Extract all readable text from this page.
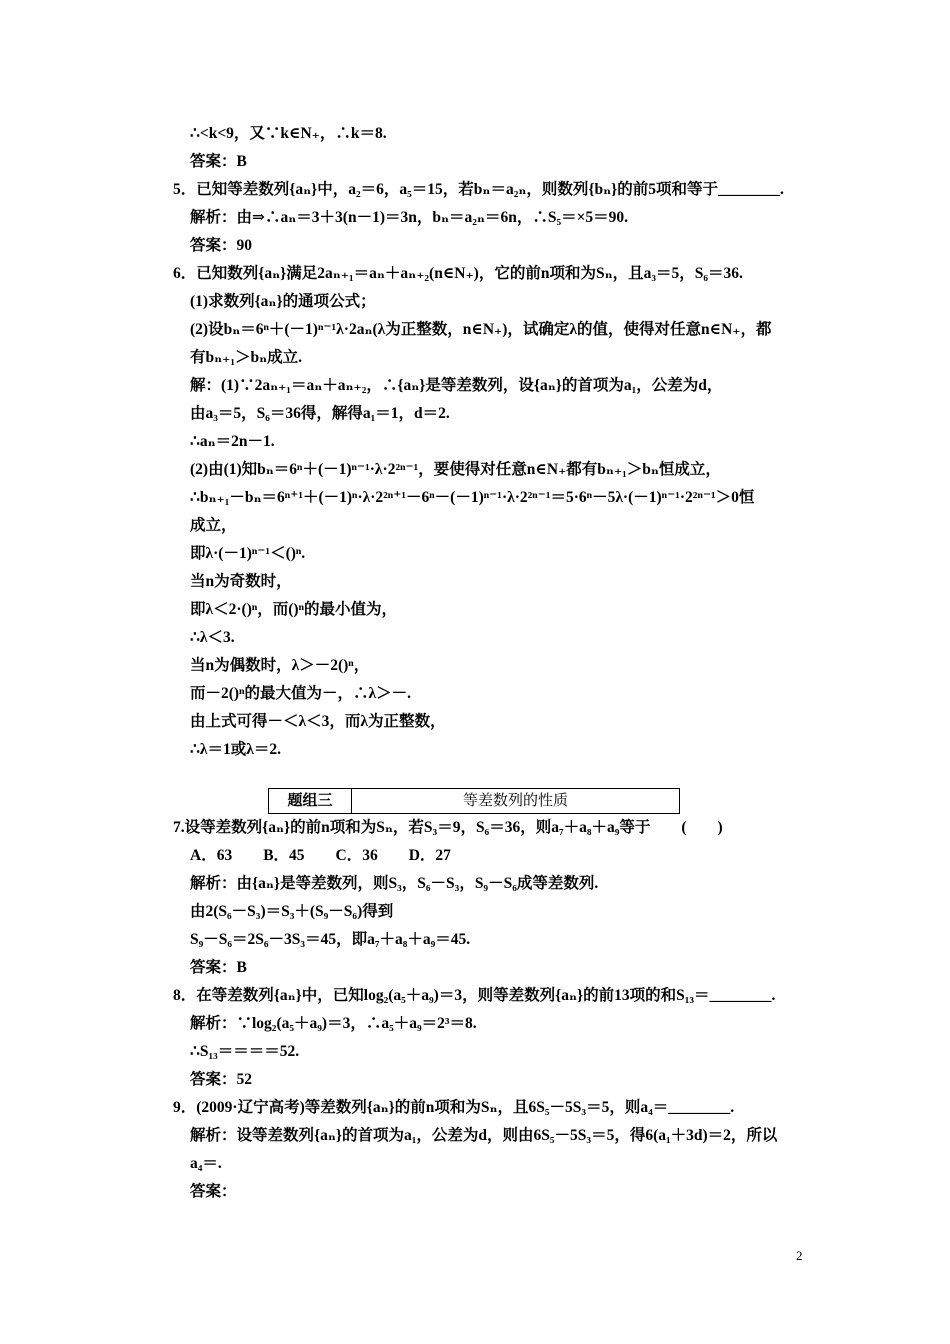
∴<k<9，又∵k∈N₊，∴k＝8.
答案：B
5．已知等差数列{aₙ}中，a₂＝6，a₅＝15，若bₙ＝a₂ₙ，则数列{bₙ}的前5项和等于________.
解析：由⇒∴aₙ＝3＋3(n－1)＝3n，bₙ＝a₂ₙ＝6n，∴S₅＝×5＝90.
答案：90
6．已知数列{aₙ}满足2aₙ₊₁＝aₙ＋aₙ₊₂(n∈N₊)，它的前n项和为Sₙ，且a₃＝5，S₆＝36.
(1)求数列{aₙ}的通项公式；
(2)设bₙ＝6ⁿ＋(－1)ⁿ⁻¹λ·2aₙ(λ为正整数，n∈N₊)，试确定λ的值，使得对任意n∈N₊，都
有bₙ₊₁＞bₙ成立.
解：(1)∵2aₙ₊₁＝aₙ＋aₙ₊₂，∴{aₙ}是等差数列，设{aₙ}的首项为a₁，公差为d，
由a₃＝5，S₆＝36得，解得a₁＝1，d＝2.
∴aₙ＝2n－1.
(2)由(1)知bₙ＝6ⁿ＋(－1)ⁿ⁻¹·λ·2²ⁿ⁻¹，要使得对任意n∈N₊都有bₙ₊₁＞bₙ恒成立，
∴bₙ₊₁－bₙ＝6ⁿ⁺¹＋(－1)ⁿ·λ·2²ⁿ⁺¹－6ⁿ－(－1)ⁿ⁻¹·λ·2²ⁿ⁻¹＝5·6ⁿ－5λ·(－1)ⁿ⁻¹·2²ⁿ⁻¹＞0恒
成立，
即λ·(－1)ⁿ⁻¹＜()ⁿ.
当n为奇数时，
即λ＜2·()ⁿ，而()ⁿ的最小值为，
∴λ＜3.
当n为偶数时，λ＞－2()ⁿ，
而－2()ⁿ的最大值为－，∴λ＞－.
由上式可得－＜λ＜3，而λ为正整数，
∴λ＝1或λ＝2.
7.设等差数列{aₙ}的前n项和为Sₙ，若S₃＝9，S₆＝36，则a₇＋a₈＋a₉等于　　(　　)
A．63　　B．45　　C．36　　D．27
解析：由{aₙ}是等差数列，则S₃，S₆－S₃，S₉－S₆成等差数列.
由2(S₆－S₃)＝S₃＋(S₉－S₆)得到
S₉－S₆＝2S₆－3S₃＝45，即a₇＋a₈＋a₉＝45.
答案：B
8．在等差数列{aₙ}中，已知log₂(a₅＋a₉)＝3，则等差数列{aₙ}的前13项的和S₁₃＝________.
解析：∵log₂(a₅＋a₉)＝3，∴a₅＋a₉＝2³＝8.
∴S₁₃＝＝＝＝52.
答案：52
9．(2009·辽宁高考)等差数列{aₙ}的前n项和为Sₙ，且6S₅－5S₃＝5，则a₄＝________.
解析：设等差数列{aₙ}的首项为a₁，公差为d，则由6S₅－5S₃＝5，得6(a₁＋3d)＝2，所以
a₄＝.
答案：
题组三	等差数列的性质
2
